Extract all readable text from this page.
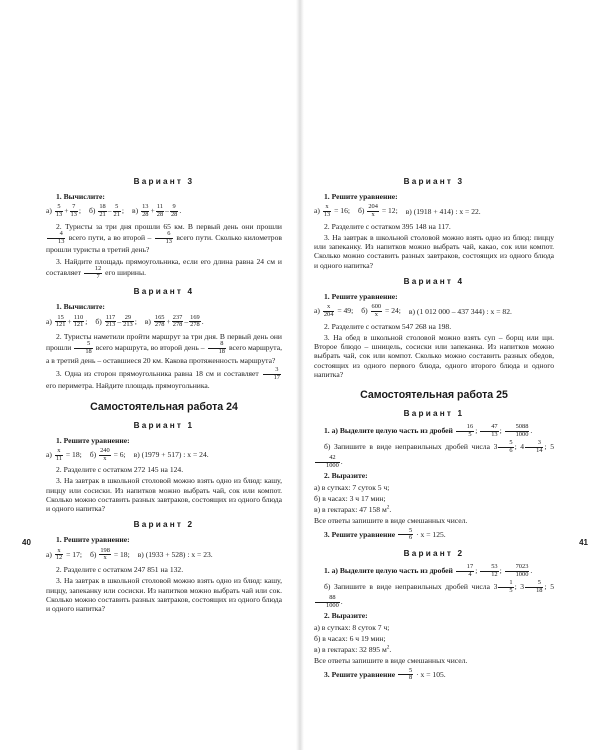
Вариант 3
1. Вычислите:
$а) \frac{5}{13} + \frac{7}{13}$ ; $б) \frac{18}{21} - \frac{5}{21}$ ; $в) \frac{13}{28} + \frac{11}{28} - \frac{9}{28}$ .
2. Туристы за три дня прошли 65 км. В первый день они прошли
$\frac{4}{13}$ всего пути, а во второй – $\frac{6}{13}$ всего пути. Сколько километров прошли туристы в третий день?
3. Найдите площадь прямоугольника, если его длина равна 24 см и составляет $\frac{12}{7}$ его ширины.
Вариант 4
1. Вычислите:
$а) \frac{15}{121} + \frac{110}{121}$ ; $б) \frac{117}{213} - \frac{29}{213}$ ; $в) \frac{165}{278} + \frac{237}{278} - \frac{169}{278}$ .
2. Туристы наметили пройти маршрут за три дня. В первый день они прошли $\frac{5}{18}$ всего маршрута, во второй день – $\frac{8}{18}$ всего маршрута, а в третий день – оставшиеся 20 км. Какова протяженность маршрута?
3. Одна из сторон прямоугольника равна 18 см и составляет $\frac{3}{17}$
его периметра. Найдите площадь прямоугольника.
Самостоятельная работа 24
Вариант 1
1. Решите уравнение:
$а) \frac{x}{11} = 18$; $б) \frac{240}{x} = 6$; в) (1979 + 517) : x = 24.
2. Разделите с остатком 272 145 на 124.
3. На завтрак в школьной столовой можно взять одно из блюд: кашу, пиццу или сосиски. Из напитков можно выбрать чай, сок или компот. Сколько можно составить разных завтраков, состоящих из одного блюда и одного напитка?
Вариант 2
1. Решите уравнение:
$а) \frac{x}{12} = 17$; $б) \frac{198}{x} = 18$; в) (1933 + 528) : x = 23.
2. Разделите с остатком 247 851 на 132.
3. На завтрак в школьной столовой можно взять одно из блюд: кашу, пиццу, запеканку или сосиски. Из напитков можно выбрать чай или сок. Сколько можно составить разных завтраков, состоящих из одного блюда и одного напитка?
40
Вариант 3
1. Решите уравнение:
$а) \frac{x}{13} = 16$; $б) \frac{204}{x} = 12$; в) (1918 + 414) : x = 22.
2. Разделите с остатком 395 148 на 117.
3. На завтрак в школьной столовой можно взять одно из блюд: пиццу или запеканку. Из напитков можно выбрать чай, какао, сок или компот. Сколько можно составить разных завтраков, состоящих из одного блюда и одного напитка?
Вариант 4
1. Решите уравнение:
$а) \frac{x}{204} = 49$; $б) \frac{600}{x} = 24$; в) (1 012 000 – 437 344) : x = 82.
2. Разделите с остатком 547 268 на 198.
3. На обед в школьной столовой можно взять суп – борщ или щи. Второе блюдо – шницель, сосиски или запеканка. Из напитков можно выбрать чай, сок или компот. Сколько можно составить разных обедов, состоящих из одного первого блюда, одного второго блюда и одного напитка?
Самостоятельная работа 25
Вариант 1
1. а) Выделите целую часть из дробей $\frac{16}{5}$ ; $\frac{47}{13}$ ; $\frac{5088}{1000}$ .
б) Запишите в виде неправильных дробей числа $3 \frac{5}{6}$ ; $4 \frac{3}{14}$ ; 5
$\frac{42}{1000}$ .
2. Выразите:
а) в сутках: 7 суток 5 ч;
б) в часах: 3 ч 17 мин;
в) в гектарах: 47 158 $м^2$.
Все ответы запишите в виде смешанных чисел.
3. Решите уравнение $\frac{5}{6} \cdot x = 125$.
Вариант 2
1. а) Выделите целую часть из дробей $\frac{17}{4}$ ; $\frac{53}{12}$ ; $\frac{7023}{1000}$ .
б) Запишите в виде неправильных дробей числа $3 \frac{1}{5}$ ; $3 \frac{5}{18}$ ; 5
$\frac{88}{1000}$ .
2. Выразите:
а) в сутках: 8 суток 7 ч;
б) в часах: 6 ч 19 мин;
в) в гектарах: 32 895 $м^2$.
Все ответы запишите в виде смешанных чисел.
3. Решите уравнение $\frac{5}{8} \cdot x = 105$.
41
